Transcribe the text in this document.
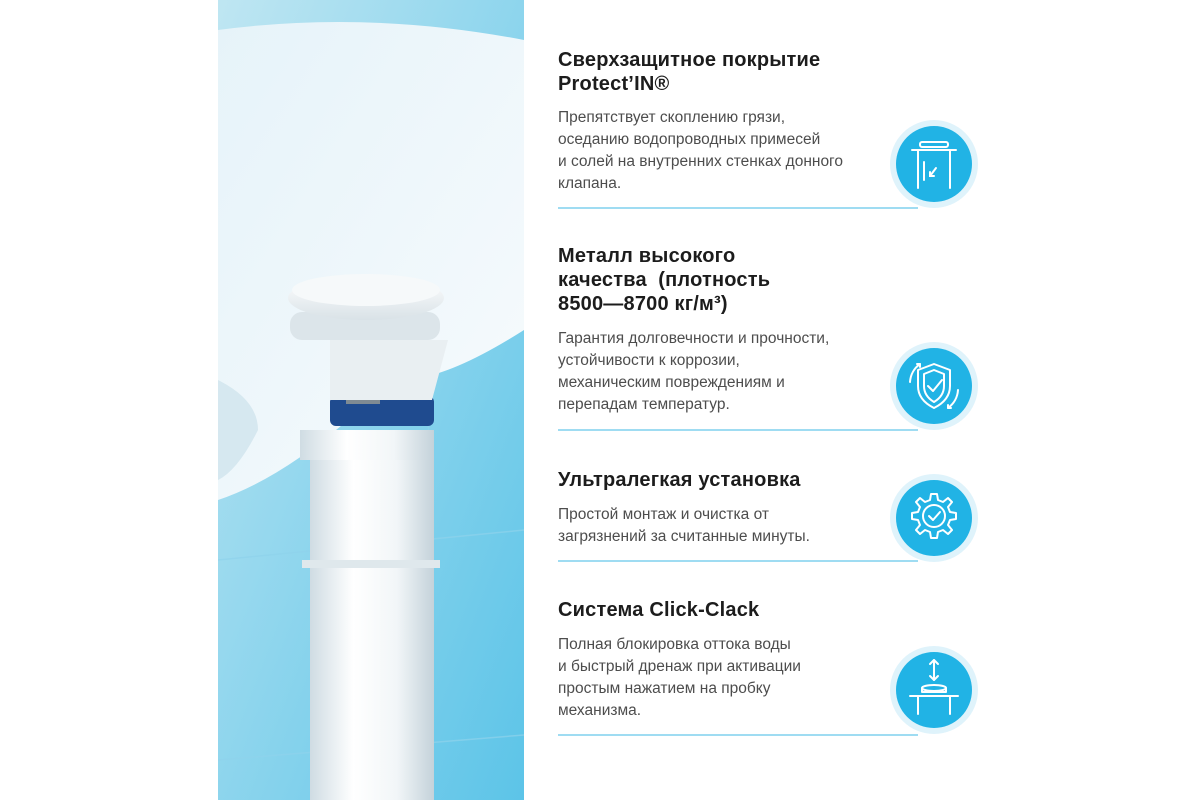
Сверхзащитное покрытие
Protect’IN®

Препятствует скоплению грязи,
оседанию водопроводных примесей
и солей на внутренних стенках донного
клапана.

Металл высокого
качества  (плотность
8500—8700 кг/м³)

Гарантия долговечности и прочности,
устойчивости к коррозии,
механическим повреждениям и
перепадам температур.

Ультралегкая установка

Простой монтаж и очистка от
загрязнений за считанные минуты.

Система Click-Clack

Полная блокировка оттока воды
и быстрый дренаж при активации
простым нажатием на пробку
механизма.
